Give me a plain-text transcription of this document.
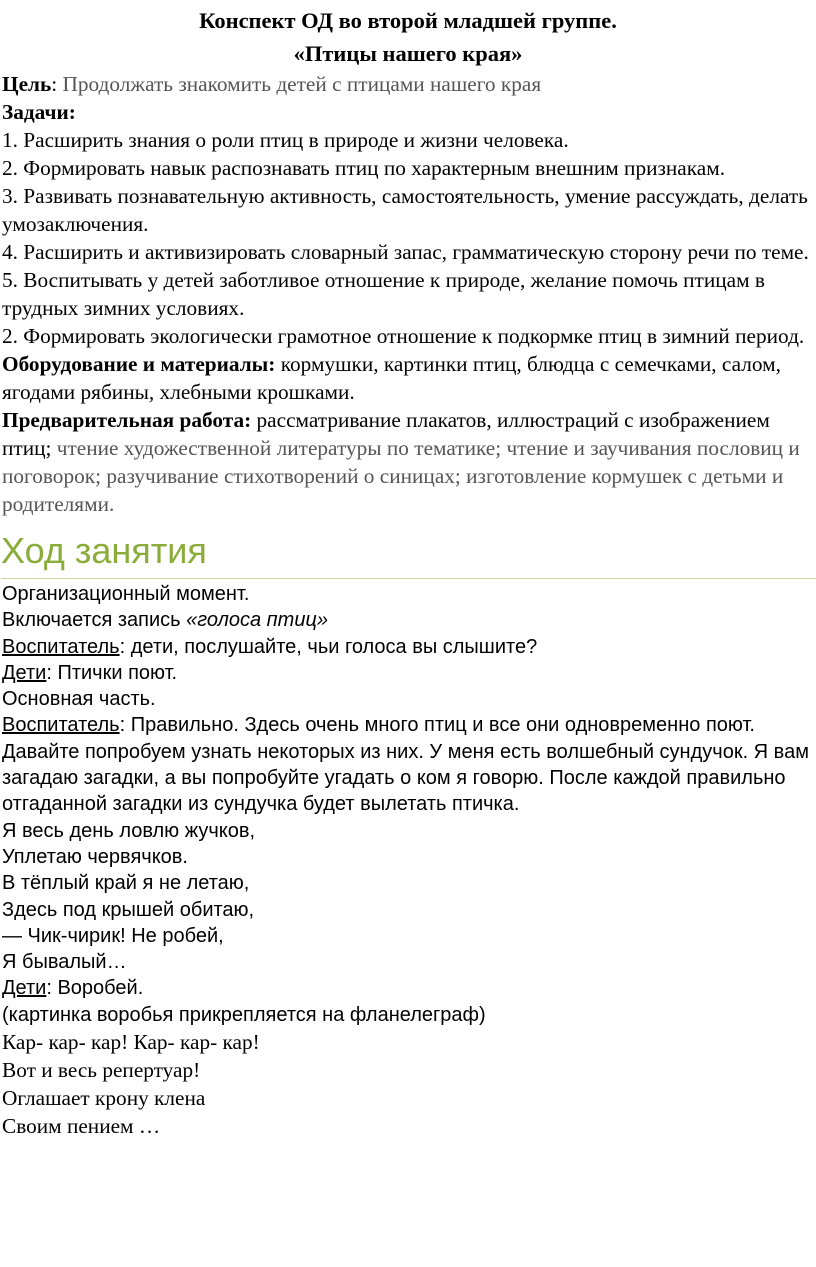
Конспект ОД во второй младшей группе.
«Птицы нашего края»
Цель: Продолжать знакомить детей с птицами нашего края
Задачи:
1. Расширить знания о роли птиц в природе и жизни человека.
2. Формировать навык распознавать птиц по характерным внешним признакам.
3. Развивать познавательную активность, самостоятельность, умение рассуждать, делать умозаключения.
4. Расширить и активизировать словарный запас, грамматическую сторону речи по теме.
5. Воспитывать у детей заботливое отношение к природе, желание помочь птицам в трудных зимних условиях.
2. Формировать экологически грамотное отношение к подкормке птиц в зимний период.
Оборудование и материалы: кормушки, картинки птиц, блюдца с семечками, салом, ягодами рябины, хлебными крошками.
Предварительная работа: рассматривание плакатов, иллюстраций с изображением птиц; чтение художественной литературы по тематике; чтение и заучивания пословиц и поговорок; разучивание стихотворений о синицах; изготовление кормушек с детьми и родителями.
Ход занятия
Организационный момент.
Включается запись «голоса птиц»
Воспитатель: дети, послушайте, чьи голоса вы слышите?
Дети: Птички поют.
Основная часть.
Воспитатель: Правильно. Здесь очень много птиц и все они одновременно поют. Давайте попробуем узнать некоторых из них. У меня есть волшебный сундучок. Я вам загадаю загадки, а вы попробуйте угадать о ком я говорю. После каждой правильно отгаданной загадки из сундучка будет вылетать птичка.
Я весь день ловлю жучков,
Уплетаю червячков.
В тёплый край я не летаю,
Здесь под крышей обитаю,
— Чик-чирик! Не робей,
Я бывалый…
Дети: Воробей.
(картинка воробья прикрепляется на фланелеграф)
Кар- кар- кар! Кар- кар- кар!
Вот и весь репертуар!
Оглашает крону клена
Своим пением …
